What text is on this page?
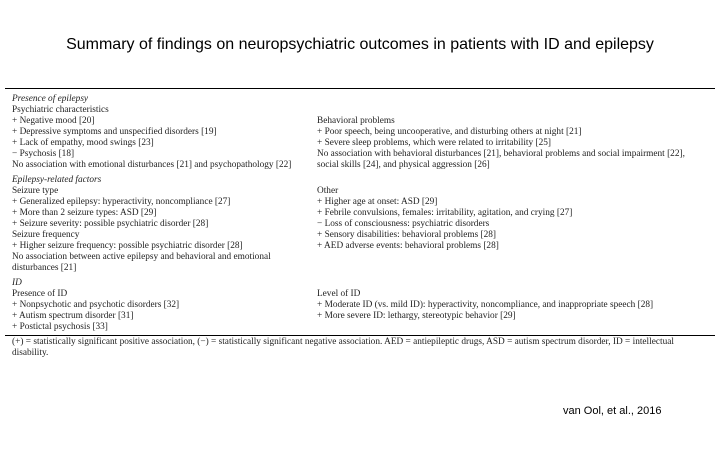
Summary of findings on neuropsychiatric outcomes in patients with ID and epilepsy
Presence of epilepsy
Psychiatric characteristics
+ Negative mood [20]
+ Depressive symptoms and unspecified disorders [19]
+ Lack of empathy, mood swings [23]
− Psychosis [18]
No association with emotional disturbances [21] and psychopathology [22]
Behavioral problems
+ Poor speech, being uncooperative, and disturbing others at night [21]
+ Severe sleep problems, which were related to irritability [25]
No association with behavioral disturbances [21], behavioral problems and social impairment [22],
social skills [24], and physical aggression [26]
Epilepsy-related factors
Seizure type
+ Generalized epilepsy: hyperactivity, noncompliance [27]
+ More than 2 seizure types: ASD [29]
+ Seizure severity: possible psychiatric disorder [28]
Seizure frequency
+ Higher seizure frequency: possible psychiatric disorder [28]
No association between active epilepsy and behavioral and emotional
disturbances [21]
Other
+ Higher age at onset: ASD [29]
+ Febrile convulsions, females: irritability, agitation, and crying [27]
− Loss of consciousness: psychiatric disorders
+ Sensory disabilities: behavioral problems [28]
+ AED adverse events: behavioral problems [28]
ID
Presence of ID
+ Nonpsychotic and psychotic disorders [32]
+ Autism spectrum disorder [31]
+ Postictal psychosis [33]
Level of ID
+ Moderate ID (vs. mild ID): hyperactivity, noncompliance, and inappropriate speech [28]
+ More severe ID: lethargy, stereotypic behavior [29]
(+) = statistically significant positive association, (−) = statistically significant negative association. AED = antiepileptic drugs, ASD = autism spectrum disorder, ID = intellectual
disability.
van Ool, et al., 2016
